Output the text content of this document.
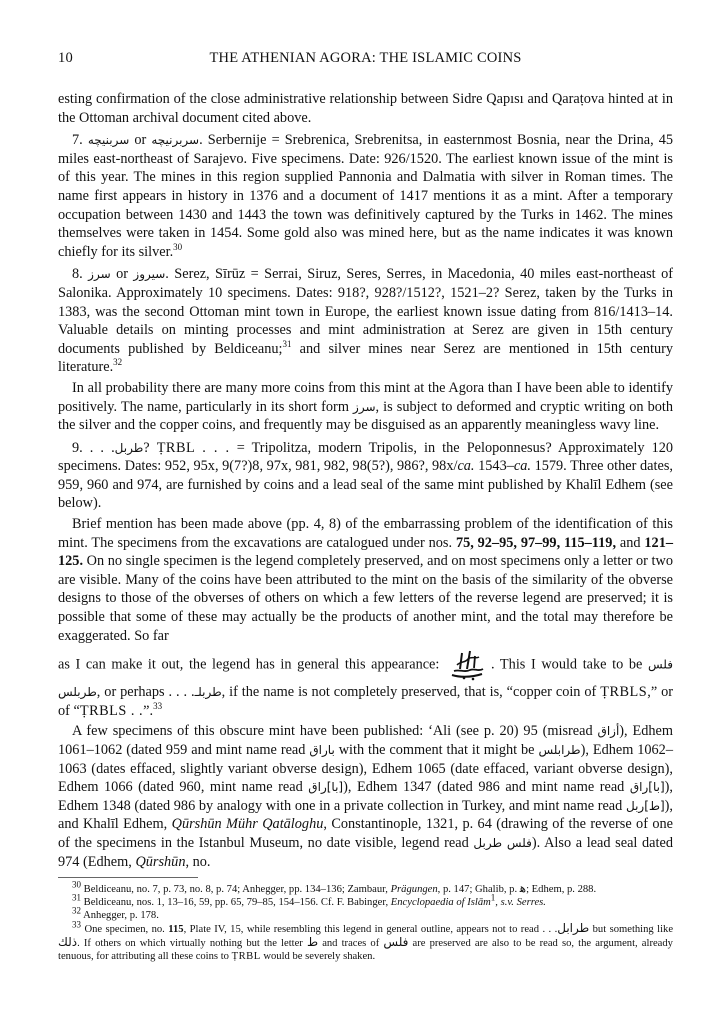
10	THE ATHENIAN AGORA: THE ISLAMIC COINS

esting confirmation of the close administrative relationship between Sidre Qapısı and Qaraṭova hinted at in the Ottoman archival document cited above.

7. سربنيچه or سربرنيچه. Serbernije = Srebrenica, Srebrenitsa, in easternmost Bosnia, near the Drina, 45 miles east-northeast of Sarajevo. Five specimens. Date: 926/1520. The earliest known issue of the mint is of this year. The mines in this region supplied Pannonia and Dalmatia with silver in Roman times. The name first appears in history in 1376 and a document of 1417 mentions it as a mint. After a temporary occupation between 1430 and 1443 the town was definitively captured by the Turks in 1462. The mines themselves were taken in 1454. Some gold also was mined here, but as the name indicates it was known chiefly for its silver.$^{30}$

8. سرز or سيروز. Serez, Sīrūz = Serrai, Siruz, Seres, Serres, in Macedonia, 40 miles east-northeast of Salonika. Approximately 10 specimens. Dates: 918?, 928?/1512?, 1521–2? Serez, taken by the Turks in 1383, was the second Ottoman mint town in Europe, the earliest known issue dating from 816/1413–14. Valuable details on minting processes and mint administration at Serez are given in 15th century documents published by Beldiceanu;$^{31}$ and silver mines near Serez are mentioned in 15th century literature.$^{32}$

In all probability there are many more coins from this mint at the Agora than I have been able to identify positively. The name, particularly in its short form سرز, is subject to deformed and cryptic writing on both the silver and the copper coins, and frequently may be disguised as an apparently meaningless wavy line.

9. . . .طربل? ṬRBL . . . = Tripolitza, modern Tripolis, in the Peloponnesus? Approximately 120 specimens. Dates: 952, 95x, 9(7?)8, 97x, 981, 982, 98(5?), 986?, 98x/ca. 1543–ca. 1579. Three other dates, 959, 960 and 974, are furnished by coins and a lead seal of the same mint published by Khalīl Edhem (see below).

Brief mention has been made above (pp. 4, 8) of the embarrassing problem of the identification of this mint. The specimens from the excavations are catalogued under nos. 75, 92–95, 97–99, 115–119, and 121–125. On no single specimen is the legend completely preserved, and on most specimens only a letter or two are visible. Many of the coins have been attributed to the mint on the basis of the similarity of the obverse designs to those of the obverses of others on which a few letters of the reverse legend are preserved; it is possible that some of these may actually be the products of another mint, and the total may therefore be exaggerated. So far

as I can make it out, the legend has in general this appearance:	. This I would take to be فلس طربلس, or perhaps . . . .طربلـ, if the name is not completely preserved, that is, “copper coin of ṬRBLS,” or of “ṬRBLS . .”.$^{33}$

A few specimens of this obscure mint have been published: ‘Ali (see p. 20) 95 (misread أزاق), Edhem 1061–1062 (dated 959 and mint name read باراق with the comment that it might be طرابلس), Edhem 1062–1063 (dates effaced, slightly variant obverse design), Edhem 1065 (date effaced, variant obverse design), Edhem 1066 (dated 960, mint name read [با]راق), Edhem 1347 (dated 986 and mint name read [با]راق), Edhem 1348 (dated 986 by analogy with one in a private collection in Turkey, and mint name read [ط]ربل), and Khalīl Edhem, Qūrshūn Mühr Qatāloghu, Constantinople, 1321, p. 64 (drawing of the reverse of one of the specimens in the Istanbul Museum, no date visible, legend read فلس طربل). Also a lead seal dated 974 (Edhem, Qūrshūn, no.

$^{30}$ Beldiceanu, no. 7, p. 73, no. 8, p. 74; Anhegger, pp. 134–136; Zambaur, Prägungen, p. 147; Ghalib, p. ﻫ; Edhem, p. 288.

$^{31}$ Beldiceanu, nos. 1, 13–16, 59, pp. 65, 79–85, 154–156. Cf. F. Babinger, Encyclopaedia of Islām$^1$, s.v. Serres.

$^{32}$ Anhegger, p. 178.

$^{33}$ One specimen, no. 115, Plate IV, 15, while resembling this legend in general outline, appears not to read . . .طرابل but something like ذلك. If others on which virtually nothing but the letter ط and traces of فلس are preserved are also to be read so, the argument, already tenuous, for attributing all these coins to ṬRBL would be severely shaken.
